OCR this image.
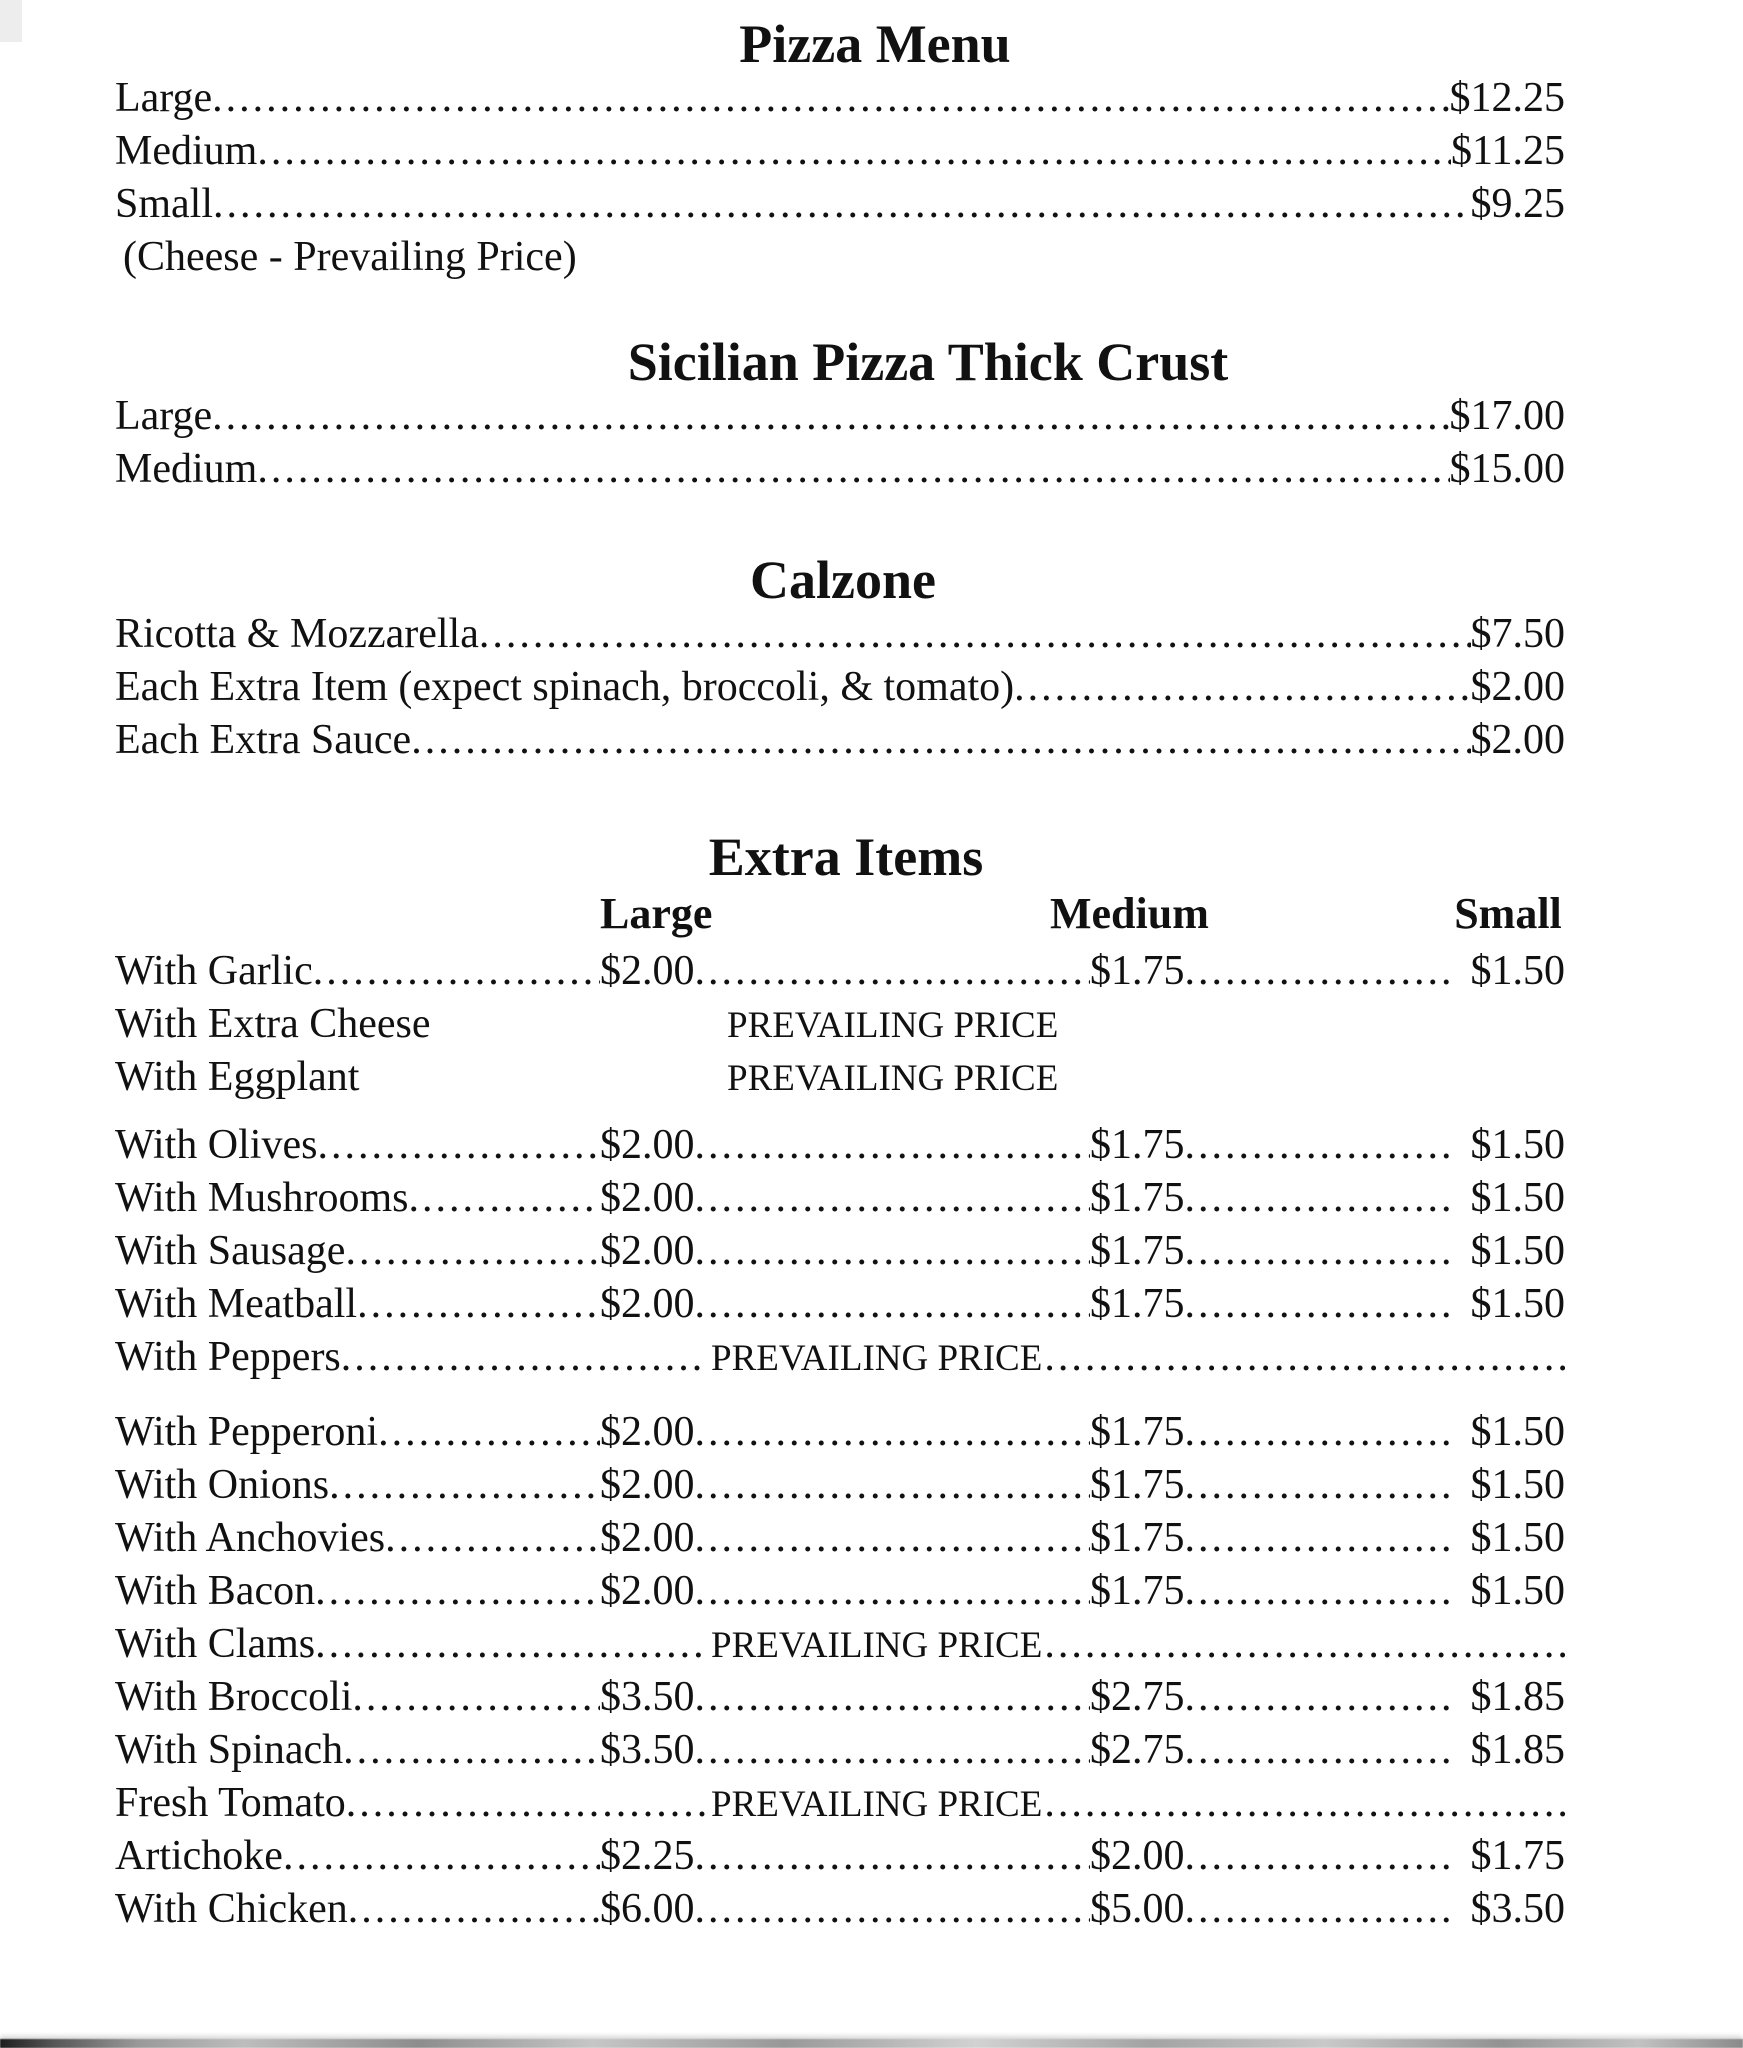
Pizza Menu
Large .....	$12.25
Medium .....	$11.25
Small .....	$9.25
(Cheese - Prevailing Price)
Sicilian Pizza Thick Crust
Large .....	$17.00
Medium .....	$15.00
Calzone
Ricotta & Mozzarella .....	$7.50
Each Extra Item (expect spinach, broccoli, & tomato) .....	$2.00
Each Extra Sauce .....	$2.00
Extra Items
Large	Medium	Small
With Garlic .....	$2.00 .....	$1.75 .....	$1.50
With Extra Cheese	PREVAILING PRICE
With Eggplant	PREVAILING PRICE
With Olives .....	$2.00 .....	$1.75 .....	$1.50
With Mushrooms .....	$2.00 .....	$1.75 .....	$1.50
With Sausage .....	$2.00 .....	$1.75 .....	$1.50
With Meatball .....	$2.00 .....	$1.75 .....	$1.50
With Peppers .....	PREVAILING PRICE
.....
With Pepperoni .....	$2.00 .....	$1.75 .....	$1.50
With Onions .....	$2.00 .....	$1.75 .....	$1.50
With Anchovies .....	$2.00 .....	$1.75 .....	$1.50
With Bacon .....	$2.00 .....	$1.75 .....	$1.50
With Clams .....	PREVAILING PRICE
.....
With Broccoli .....	$3.50 .....	$2.75 .....	$1.85
With Spinach .....	$3.50 .....	$2.75 .....	$1.85
Fresh Tomato .....	PREVAILING PRICE
.....
Artichoke .....	$2.25 .....	$2.00 .....	$1.75
With Chicken .....	$6.00 .....	$5.00 .....	$3.50
